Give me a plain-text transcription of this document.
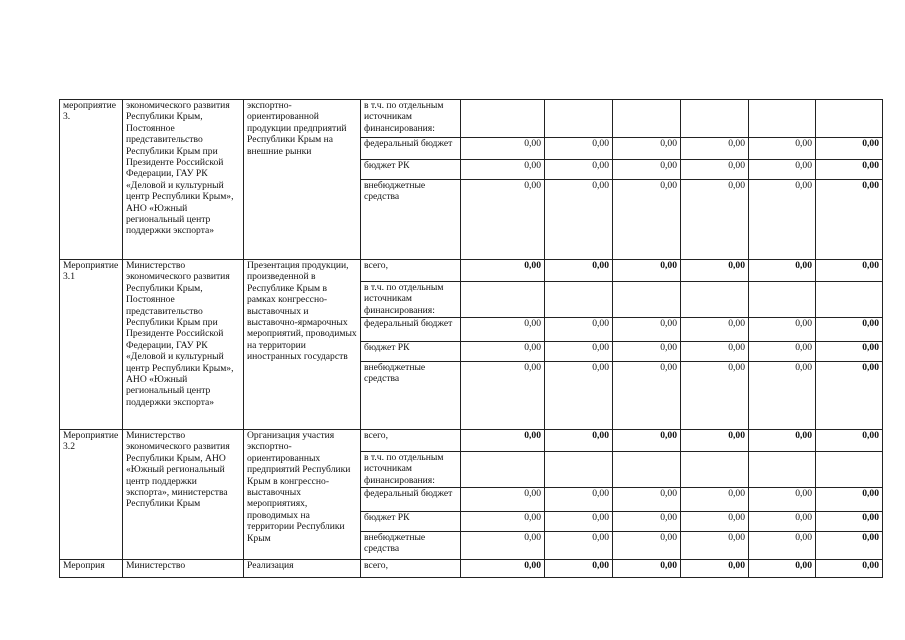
мероприятие 3.	экономического развития Республики Крым, Постоянное представительство Республики Крым при Президенте Российской Федерации, ГАУ РК «Деловой и культурный центр Республики Крым», АНО «Южный региональный центр поддержки экспорта»	экспортно-ориентированной продукции предприятий Республики Крым на внешние рынки	в т.ч. по отдельным источникам финансирования:						
			федеральный бюджет	0,00	0,00	0,00	0,00	0,00	0,00
			бюджет РК	0,00	0,00	0,00	0,00	0,00	0,00
			внебюджетные средства	0,00	0,00	0,00	0,00	0,00	0,00
Мероприятие 3.1	Министерство экономического развития Республики Крым, Постоянное представительство Республики Крым при Президенте Российской Федерации, ГАУ РК «Деловой и культурный центр Республики Крым», АНО «Южный региональный центр поддержки экспорта»	Презентация продукции, произведенной в Республике Крым в рамках конгрессно-выставочных и выставочно-ярмарочных мероприятий, проводимых на территории иностранных государств	всего,	0,00	0,00	0,00	0,00	0,00	0,00
			в т.ч. по отдельным источникам финансирования:						
			федеральный бюджет	0,00	0,00	0,00	0,00	0,00	0,00
			бюджет РК	0,00	0,00	0,00	0,00	0,00	0,00
			внебюджетные средства	0,00	0,00	0,00	0,00	0,00	0,00
Мероприятие 3.2	Министерство экономического развития Республики Крым, АНО «Южный региональный центр поддержки экспорта», министерства Республики Крым	Организация участия экспортно-ориентированных предприятий Республики Крым в конгрессно-выставочных мероприятиях, проводимых на территории Республики Крым	всего,	0,00	0,00	0,00	0,00	0,00	0,00
			в т.ч. по отдельным источникам финансирования:						
			федеральный бюджет	0,00	0,00	0,00	0,00	0,00	0,00
			бюджет РК	0,00	0,00	0,00	0,00	0,00	0,00
			внебюджетные средства	0,00	0,00	0,00	0,00	0,00	0,00
Мероприя	Министерство	Реализация	всего,	0,00	0,00	0,00	0,00	0,00	0,00
